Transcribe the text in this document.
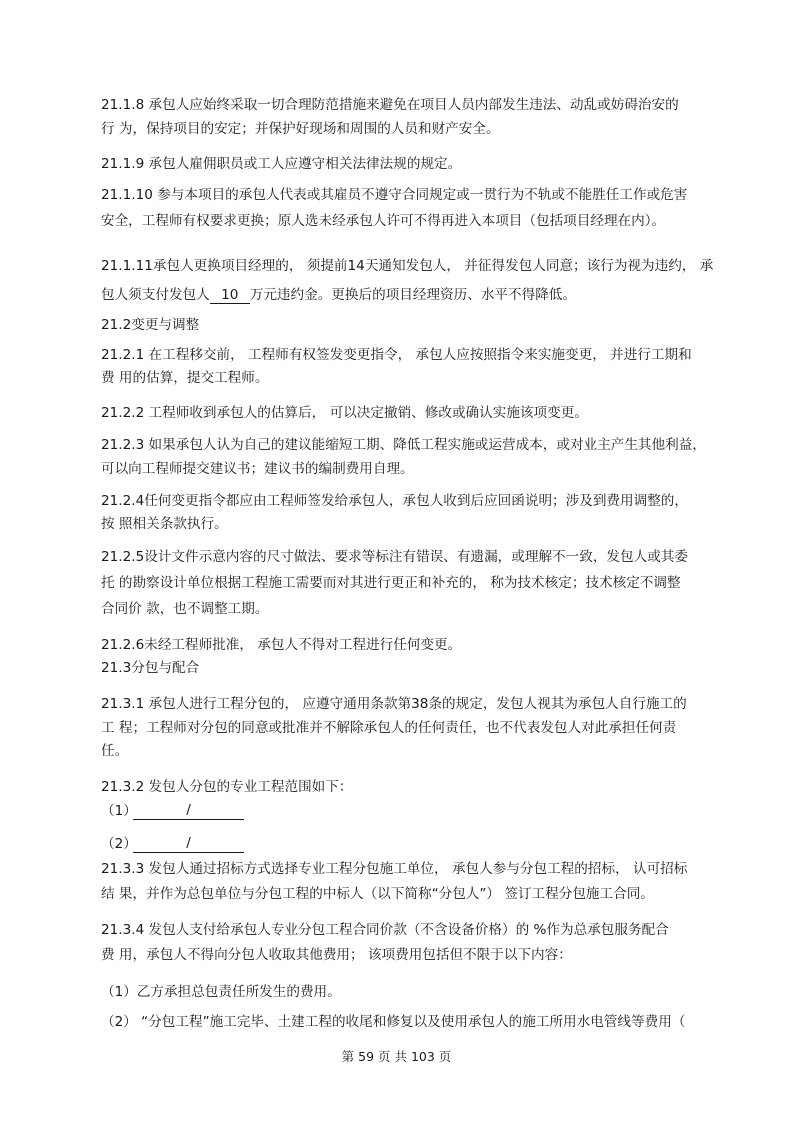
21.1.8 承包人应始终采取一切合理防范措施来避免在项目人员内部发生违法、动乱或妨碍治安的

行 为，保持项目的安定；并保护好现场和周围的人员和财产安全。

21.1.9 承包人雇佣职员或工人应遵守相关法律法规的规定。

21.1.10 参与本项目的承包人代表或其雇员不遵守合同规定或一贯行为不轨或不能胜任工作或危害

安全，工程师有权要求更换；原人选未经承包人许可不得再进入本项目（包括项目经理在内）。

21.1.11承包人更换项目经理的， 须提前14天通知发包人， 并征得发包人同意；该行为视为违约， 承

包人须支付发包人 10 万元违约金。更换后的项目经理资历、水平不得降低。

21.2变更与调整

21.2.1 在工程移交前， 工程师有权签发变更指令， 承包人应按照指令来实施变更， 并进行工期和

费 用的估算，提交工程师。

21.2.2 工程师收到承包人的估算后， 可以决定撤销、修改或确认实施该项变更。

21.2.3 如果承包人认为自己的建议能缩短工期、降低工程实施或运营成本，或对业主产生其他利益，

可以向工程师提交建议书；建议书的编制费用自理。

21.2.4任何变更指令都应由工程师签发给承包人，承包人收到后应回函说明；涉及到费用调整的，

按 照相关条款执行。

21.2.5设计文件示意内容的尺寸做法、要求等标注有错误、有遗漏，或理解不一致，发包人或其委

托 的勘察设计单位根据工程施工需要而对其进行更正和补充的， 称为技术核定；技术核定不调整

合同价 款，也不调整工期。

21.2.6未经工程师批准， 承包人不得对工程进行任何变更。

21.3分包与配合

21.3.1 承包人进行工程分包的， 应遵守通用条款第38条的规定，发包人视其为承包人自行施工的

工 程；工程师对分包的同意或批准并不解除承包人的任何责任，也不代表发包人对此承担任何责

任。

21.3.2 发包人分包的专业工程范围如下：

（1）	/

（2）	/

21.3.3 发包人通过招标方式选择专业工程分包施工单位， 承包人参与分包工程的招标， 认可招标

结 果，并作为总包单位与分包工程的中标人（以下简称“分包人”） 签订工程分包施工合同。

21.3.4 发包人支付给承包人专业分包工程合同价款（不含设备价格）的 %作为总承包服务配合

费 用，承包人不得向分包人收取其他费用； 该项费用包括但不限于以下内容：

（1）乙方承担总包责任所发生的费用。

（2） “分包工程”施工完毕、土建工程的收尾和修复以及使用承包人的施工所用水电管线等费用（

第 59 页 共 103 页
